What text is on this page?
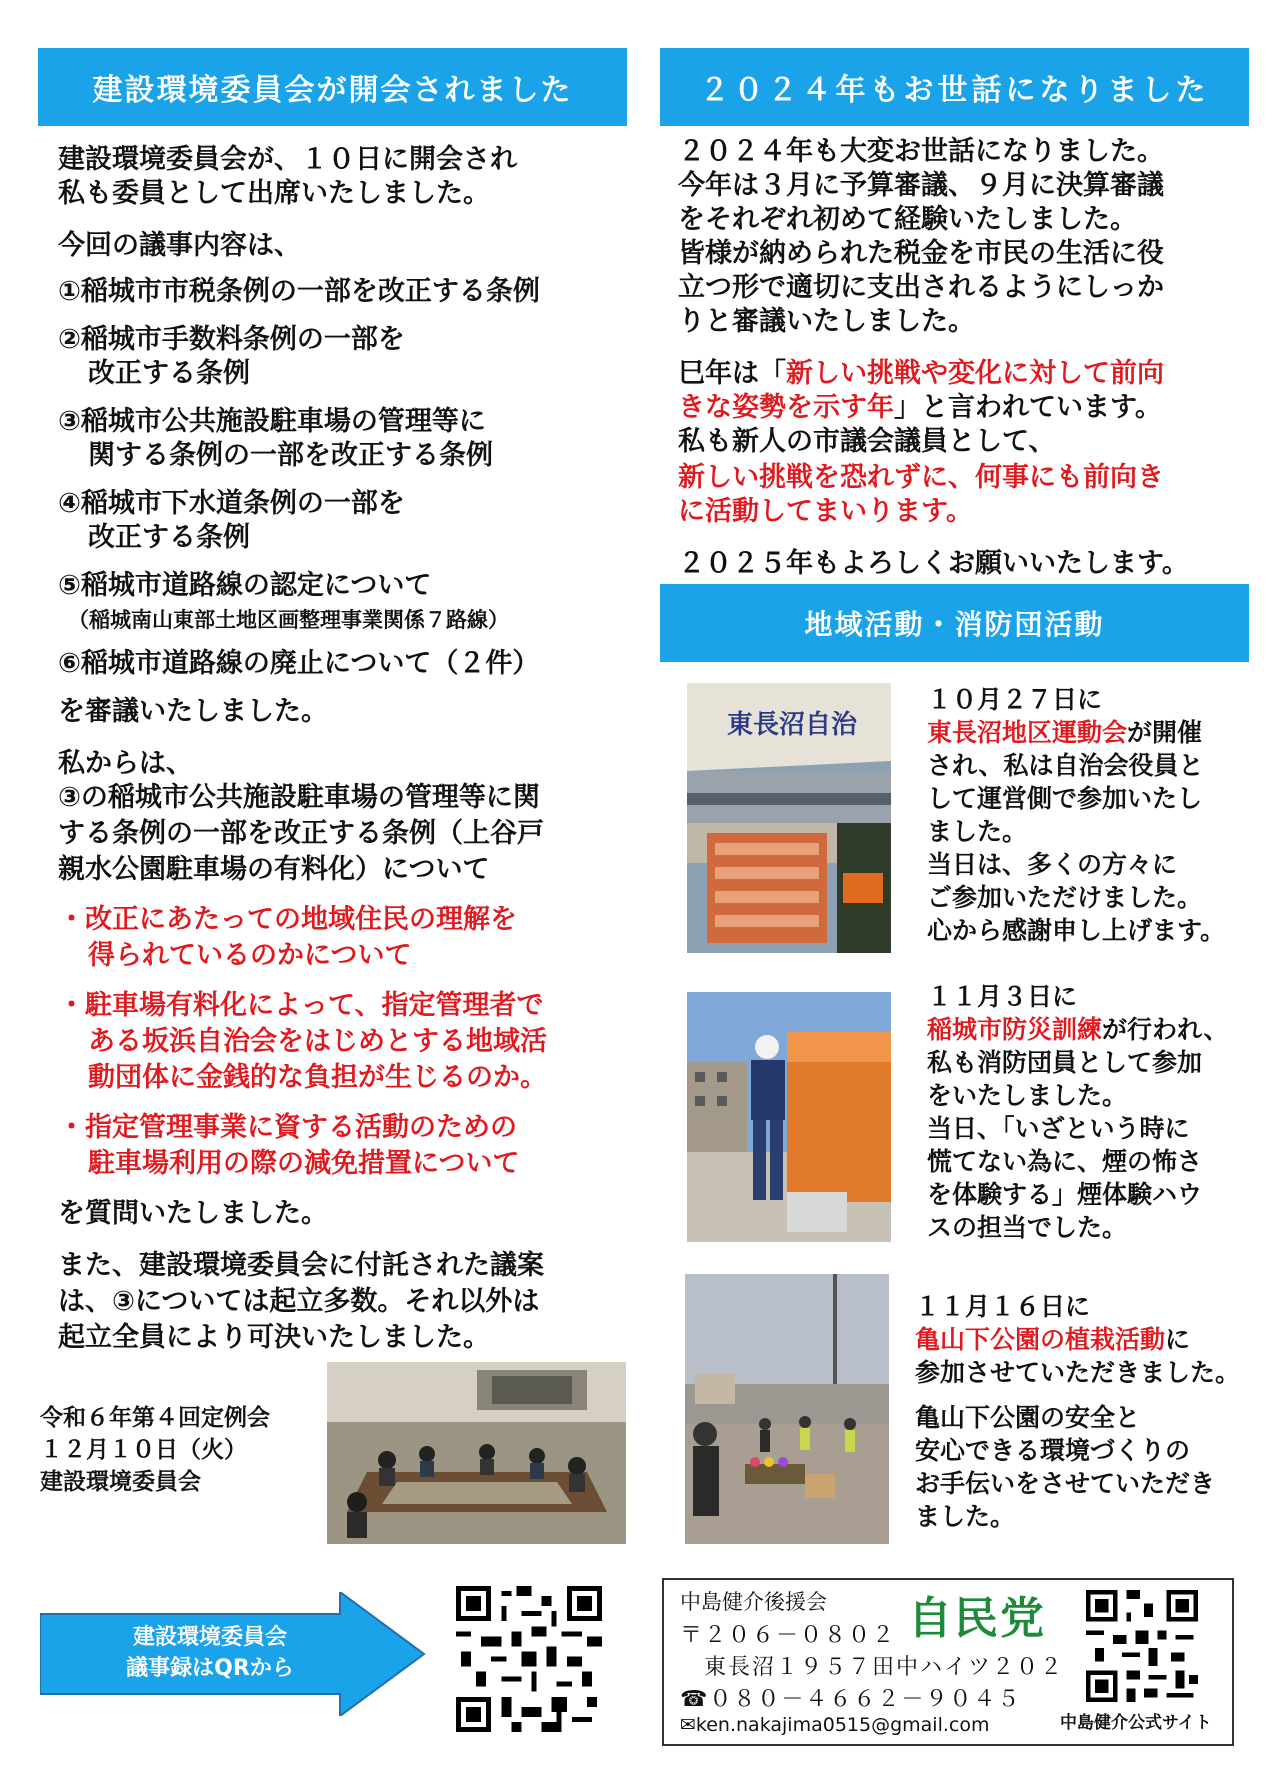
建設環境委員会が開会されました
建設環境委員会が、１０日に開会され
私も委員として出席いたしました。
今回の議事内容は、
①稲城市市税条例の一部を改正する条例
②稲城市手数料条例の一部を
改正する条例
③稲城市公共施設駐車場の管理等に
関する条例の一部を改正する条例
④稲城市下水道条例の一部を
改正する条例
⑤稲城市道路線の認定について
（稲城南山東部土地区画整理事業関係７路線）
⑥稲城市道路線の廃止について（２件）
を審議いたしました。
私からは、
③の稲城市公共施設駐車場の管理等に関
する条例の一部を改正する条例（上谷戸
親水公園駐車場の有料化）について
・改正にあたっての地域住民の理解を
得られているのかについて
・駐車場有料化によって、指定管理者で
ある坂浜自治会をはじめとする地域活
動団体に金銭的な負担が生じるのか。
・指定管理事業に資する活動のための
駐車場利用の際の減免措置について
を質問いたしました。
また、建設環境委員会に付託された議案
は、③については起立多数。それ以外は
起立全員により可決いたしました。
令和６年第４回定例会
１２月１０日（火）
建設環境委員会
２０２４年もお世話になりました
２０２４年も大変お世話になりました。
今年は３月に予算審議、９月に決算審議
をそれぞれ初めて経験いたしました。
皆様が納められた税金を市民の生活に役
立つ形で適切に支出されるようにしっか
りと審議いたしました。
巳年は「新しい挑戦や変化に対して前向
きな姿勢を示す年」と言われています。
私も新人の市議会議員として、
新しい挑戦を恐れずに、何事にも前向き
に活動してまいります。
２０２５年もよろしくお願いいたします。
地域活動・消防団活動
東長沼自治
１０月２７日に
東長沼地区運動会が開催
され、私は自治会役員と
して運営側で参加いたし
ました。
当日は、多くの方々に
ご参加いただけました。
心から感謝申し上げます。
１１月３日に
稲城市防災訓練が行われ、
私も消防団員として参加
をいたしました。
当日、「いざという時に
慌てない為に、煙の怖さ
を体験する」煙体験ハウ
スの担当でした。
１１月１６日に
亀山下公園の植栽活動に
参加させていただきました。
亀山下公園の安全と
安心できる環境づくりの
お手伝いをさせていただき
ました。
建設環境委員会
議事録はQRから
中島健介後援会
〒２０６－０８０２
東長沼１９５７田中ハイツ２０２
☎０８０－４６６２－９０４５
✉ken.nakajima0515@gmail.com
自民党
中島健介公式サイト
